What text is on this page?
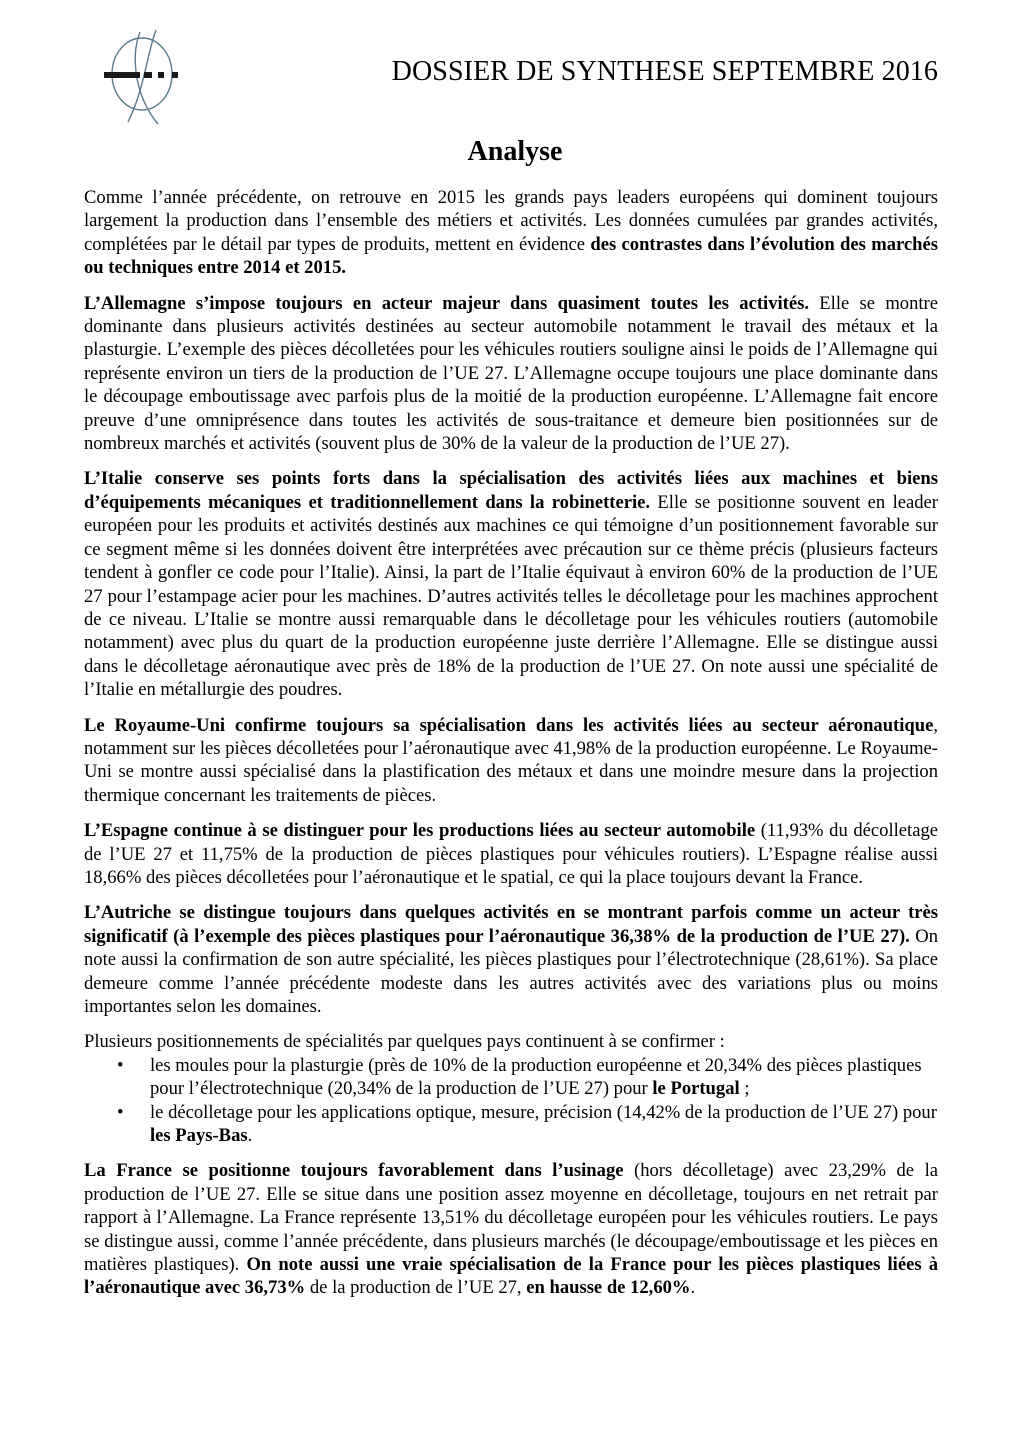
DOSSIER DE SYNTHESE SEPTEMBRE 2016
Analyse

Comme l’année précédente, on retrouve en 2015 les grands pays leaders européens qui dominent toujours largement la production dans l’ensemble des métiers et activités. Les données cumulées par grandes activités, complétées par le détail par types de produits, mettent en évidence des contrastes dans l’évolution des marchés ou techniques entre 2014 et 2015.

L’Allemagne s’impose toujours en acteur majeur dans quasiment toutes les activités. Elle se montre dominante dans plusieurs activités destinées au secteur automobile notamment le travail des métaux et la plasturgie. L’exemple des pièces décolletées pour les véhicules routiers souligne ainsi le poids de l’Allemagne qui représente environ un tiers de la production de l’UE 27. L’Allemagne occupe toujours une place dominante dans le découpage emboutissage avec parfois plus de la moitié de la production européenne. L’Allemagne fait encore preuve d’une omniprésence dans toutes les activités de sous-traitance et demeure bien positionnées sur de nombreux marchés et activités (souvent plus de 30% de la valeur de la production de l’UE 27).

L’Italie conserve ses points forts dans la spécialisation des activités liées aux machines et biens d’équipements mécaniques et traditionnellement dans la robinetterie. Elle se positionne souvent en leader européen pour les produits et activités destinés aux machines ce qui témoigne d’un positionnement favorable sur ce segment même si les données doivent être interprétées avec précaution sur ce thème précis (plusieurs facteurs tendent à gonfler ce code pour l’Italie). Ainsi, la part de l’Italie équivaut à environ 60% de la production de l’UE 27 pour l’estampage acier pour les machines. D’autres activités telles le décolletage pour les machines approchent de ce niveau. L’Italie se montre aussi remarquable dans le décolletage pour les véhicules routiers (automobile notamment) avec plus du quart de la production européenne juste derrière l’Allemagne. Elle se distingue aussi dans le décolletage aéronautique avec près de 18% de la production de l’UE 27. On note aussi une spécialité de l’Italie en métallurgie des poudres.

Le Royaume-Uni confirme toujours sa spécialisation dans les activités liées au secteur aéronautique, notamment sur les pièces décolletées pour l’aéronautique avec 41,98% de la production européenne. Le Royaume-Uni se montre aussi spécialisé dans la plastification des métaux et dans une moindre mesure dans la projection thermique concernant les traitements de pièces.

L’Espagne continue à se distinguer pour les productions liées au secteur automobile (11,93% du décolletage de l’UE 27 et 11,75% de la production de pièces plastiques pour véhicules routiers). L’Espagne réalise aussi 18,66% des pièces décolletées pour l’aéronautique et le spatial, ce qui la place toujours devant la France.

L’Autriche se distingue toujours dans quelques activités en se montrant parfois comme un acteur très significatif (à l’exemple des pièces plastiques pour l’aéronautique 36,38% de la production de l’UE 27). On note aussi la confirmation de son autre spécialité, les pièces plastiques pour l’électrotechnique (28,61%). Sa place demeure comme l’année précédente modeste dans les autres activités avec des variations plus ou moins importantes selon les domaines.

Plusieurs positionnements de spécialités par quelques pays continuent à se confirmer :

• les moules pour la plasturgie (près de 10% de la production européenne et 20,34% des pièces plastiques pour l’électrotechnique (20,34% de la production de l’UE 27) pour le Portugal ;
• le décolletage pour les applications optique, mesure, précision (14,42% de la production de l’UE 27) pour les Pays-Bas.

La France se positionne toujours favorablement dans l’usinage (hors décolletage) avec 23,29% de la production de l’UE 27. Elle se situe dans une position assez moyenne en décolletage, toujours en net retrait par rapport à l’Allemagne. La France représente 13,51% du décolletage européen pour les véhicules routiers. Le pays se distingue aussi, comme l’année précédente, dans plusieurs marchés (le découpage/emboutissage et les pièces en matières plastiques). On note aussi une vraie spécialisation de la France pour les pièces plastiques liées à l’aéronautique avec 36,73% de la production de l’UE 27, en hausse de 12,60%.
